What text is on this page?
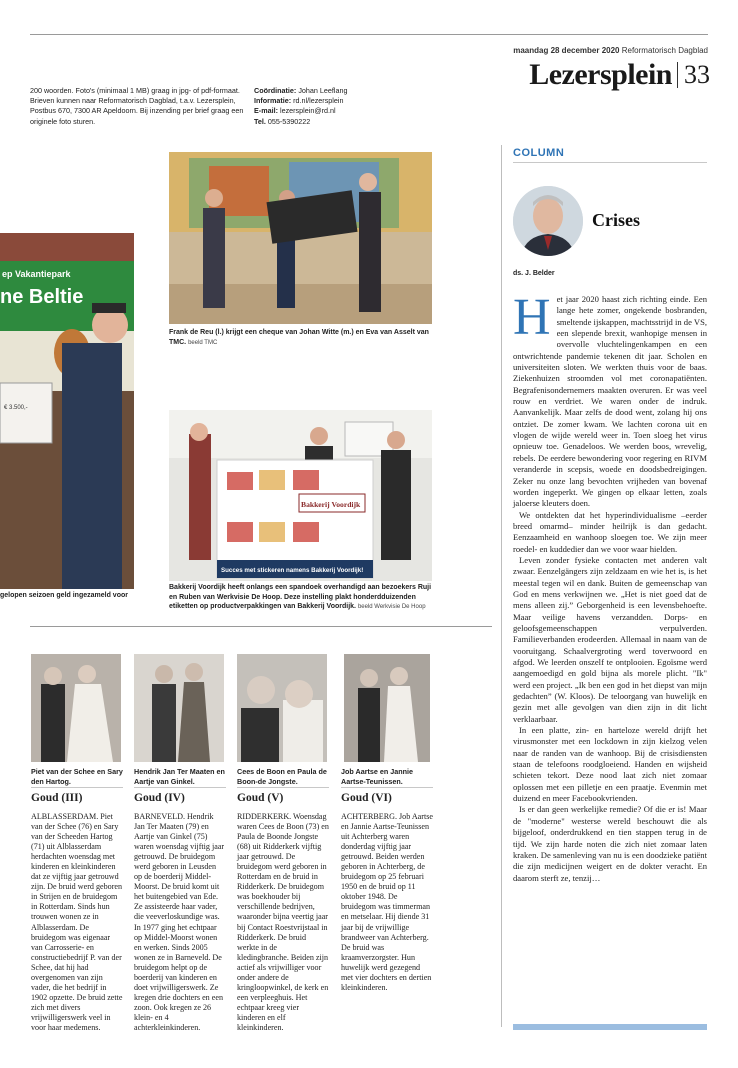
maandag 28 december 2020 Reformatorisch Dagblad
Lezersplein 33
200 woorden. Foto's (minimaal 1 MB) graag in jpg- of pdf-formaat. Brieven kunnen naar Reformatorisch Dagblad, t.a.v. Lezersplein, Postbus 670, 7300 AR Apeldoorn. Bij inzending per brief graag een originele foto sturen.
Coördinatie: Johan Leeflang
Informatie: rd.nl/lezersplein
E-mail: lezersplein@rd.nl
Tel. 055-5390222
ep Vakantiepark
ne Beltie
€ 3.500,-
gelopen seizoen geld ingezameld voor
Frank de Reu (l.) krijgt een cheque van Johan Witte (m.) en Eva van Asselt van TMC. beeld TMC
Bakkerij Voordijk
Succes met stickeren namens Bakkerij Voordijk!
Bakkerij Voordijk heeft onlangs een spandoek overhandigd aan bezoekers Ruji en Ruben van Werkvisie De Hoop. Deze instelling plakt honderdduizenden etiketten op productverpakkingen van Bakkerij Voordijk. beeld Werkvisie De Hoop
Piet van der Schee en Sary den Hartog.
Hendrik Jan Ter Maaten en Aartje van Ginkel.
Cees de Boon en Paula de Boon-de Jongste.
Job Aartse en Jannie Aartse-Teunissen.
Goud (III)	Goud (IV)	Goud (V)	Goud (VI)
ALBLASSERDAM. Piet van der Schee (76) en Sary van der Scheeden Hartog (71) uit Alblasserdam herdachten woensdag met kinderen en kleinkinderen dat ze vijftig jaar getrouwd zijn. De bruid werd geboren in Strijen en de bruidegom in Rotterdam. Sinds hun trouwen wonen ze in Alblasserdam. De bruidegom was eigenaar van Carrosserie- en constructiebedrijf P. van der Schee, dat hij had overgenomen van zijn vader, die het bedrijf in 1902 opzette. De bruid zette zich met divers vrijwilligerswerk veel in voor haar medemens.
BARNEVELD. Hendrik Jan Ter Maaten (79) en Aartje van Ginkel (75) waren woensdag vijftig jaar getrouwd. De bruidegom werd geboren in Leusden op de boerderij Middel-Moorst. De bruid komt uit het buitengebied van Ede. Ze assisteerde haar vader, die veeverloskundige was. In 1977 ging het echtpaar op Middel-Moorst wonen en werken. Sinds 2005 wonen ze in Barneveld. De bruidegom helpt op de boerderij van kinderen en doet vrijwilligerswerk. Ze kregen drie dochters en een zoon. Ook kregen ze 26 klein- en 4 achterkleinkinderen.
RIDDERKERK. Woensdag waren Cees de Boon (73) en Paula de Boonde Jongste (68) uit Ridderkerk vijftig jaar getrouwd. De bruidegom werd geboren in Rotterdam en de bruid in Ridderkerk. De bruidegom was boekhouder bij verschillende bedrijven, waaronder bijna veertig jaar bij Contact Roestvrijstaal in Ridderkerk. De bruid werkte in de kledingbranche. Beiden zijn actief als vrijwilliger voor onder andere de kringloopwinkel, de kerk en een verpleeghuis. Het echtpaar kreeg vier kinderen en elf kleinkinderen.
ACHTERBERG. Job Aartse en Jannie Aartse-Teunissen uit Achterberg waren donderdag vijftig jaar getrouwd. Beiden werden geboren in Achterberg, de bruidegom op 25 februari 1950 en de bruid op 11 oktober 1948. De bruidegom was timmerman en metselaar. Hij diende 31 jaar bij de vrijwillige brandweer van Achterberg. De bruid was kraamverzorgster. Hun huwelijk werd gezegend met vier dochters en dertien kleinkinderen.
COLUMN
Crises
ds. J. Belder

Het jaar 2020 haast zich richting einde. Een lange hete zomer, ongekende bosbranden, smeltende ijskappen, machtsstrijd in de VS, een slepende brexit, wanhopige mensen in overvolle vluchtelingenkampen en een ontwrichtende pandemie tekenen dit jaar. Scholen en universiteiten sloten. We werkten thuis voor de baas. Ziekenhuizen stroomden vol met coronapatiënten. Begrafenisondernemers maakten overuren. Er was veel rouw en verdriet. We waren onder de indruk. Aanvankelijk. Maar zelfs de dood went, zolang hij ons ontziet. De zomer kwam. We lachten corona uit en vlogen de wijde wereld weer in. Toen sloeg het virus opnieuw toe. Genadeloos. We werden boos, wrevelig, rebels. De eerdere bewondering voor regering en RIVM veranderde in scepsis, woede en doodsbedreigingen. Zeker nu onze lang bevochten vrijheden van bovenaf worden ingeperkt. We gingen op elkaar letten, zoals jaloerse kleuters doen.

We ontdekten dat het hyperindividualisme –eerder breed omarmd– minder heilrijk is dan gedacht. Eenzaamheid en wanhoop sloegen toe. We zijn meer roedel- en kuddedier dan we voor waar hielden.

Leven zonder fysieke contacten met anderen valt zwaar. Eenzelgängers zijn zeldzaam en wie het is, is het meestal tegen wil en dank. Buiten de gemeenschap van God en mens verkwijnen we. „Het is niet goed dat de mens alleen zij.” Geborgenheid is een levensbehoefte. Maar veilige havens verzandden. Dorps- en geloofsgemeenschappen verpulverden. Familieverbanden erodeerden. Allemaal in naam van de vooruitgang. Schaalvergroting werd toverwoord en afgod. We leerden onszelf te ontplooien. Egoïsme werd aangemoedigd en gold bijna als morele plicht. "Ik" werd een project. „Ik ben een god in het diepst van mijn gedachten” (W. Kloos). De teloorgang van huwelijk en gezin met alle gevolgen van dien zijn in dit licht verklaarbaar.

In een platte, zin- en harteloze wereld drijft het virusmonster met een lockdown in zijn kielzog velen naar de randen van de wanhoop. Bij de crisisdiensten staan de telefoons roodgloeiend. Handen en wijsheid schieten tekort. Deze nood laat zich niet zomaar oplossen met een pilletje en een praatje. Evenmin met duizend en meer Facebookvrienden.

Is er dan geen werkelijke remedie? Of die er is! Maar de "moderne" westerse wereld beschouwt die als bijgeloof, onderdrukkend en tien stappen terug in de tijd. We zijn harde noten die zich niet zomaar laten kraken. De samenleving van nu is een doodzieke patiënt die zijn medicijnen weigert en de dokter veracht. En daarom sterft ze, tenzij…
